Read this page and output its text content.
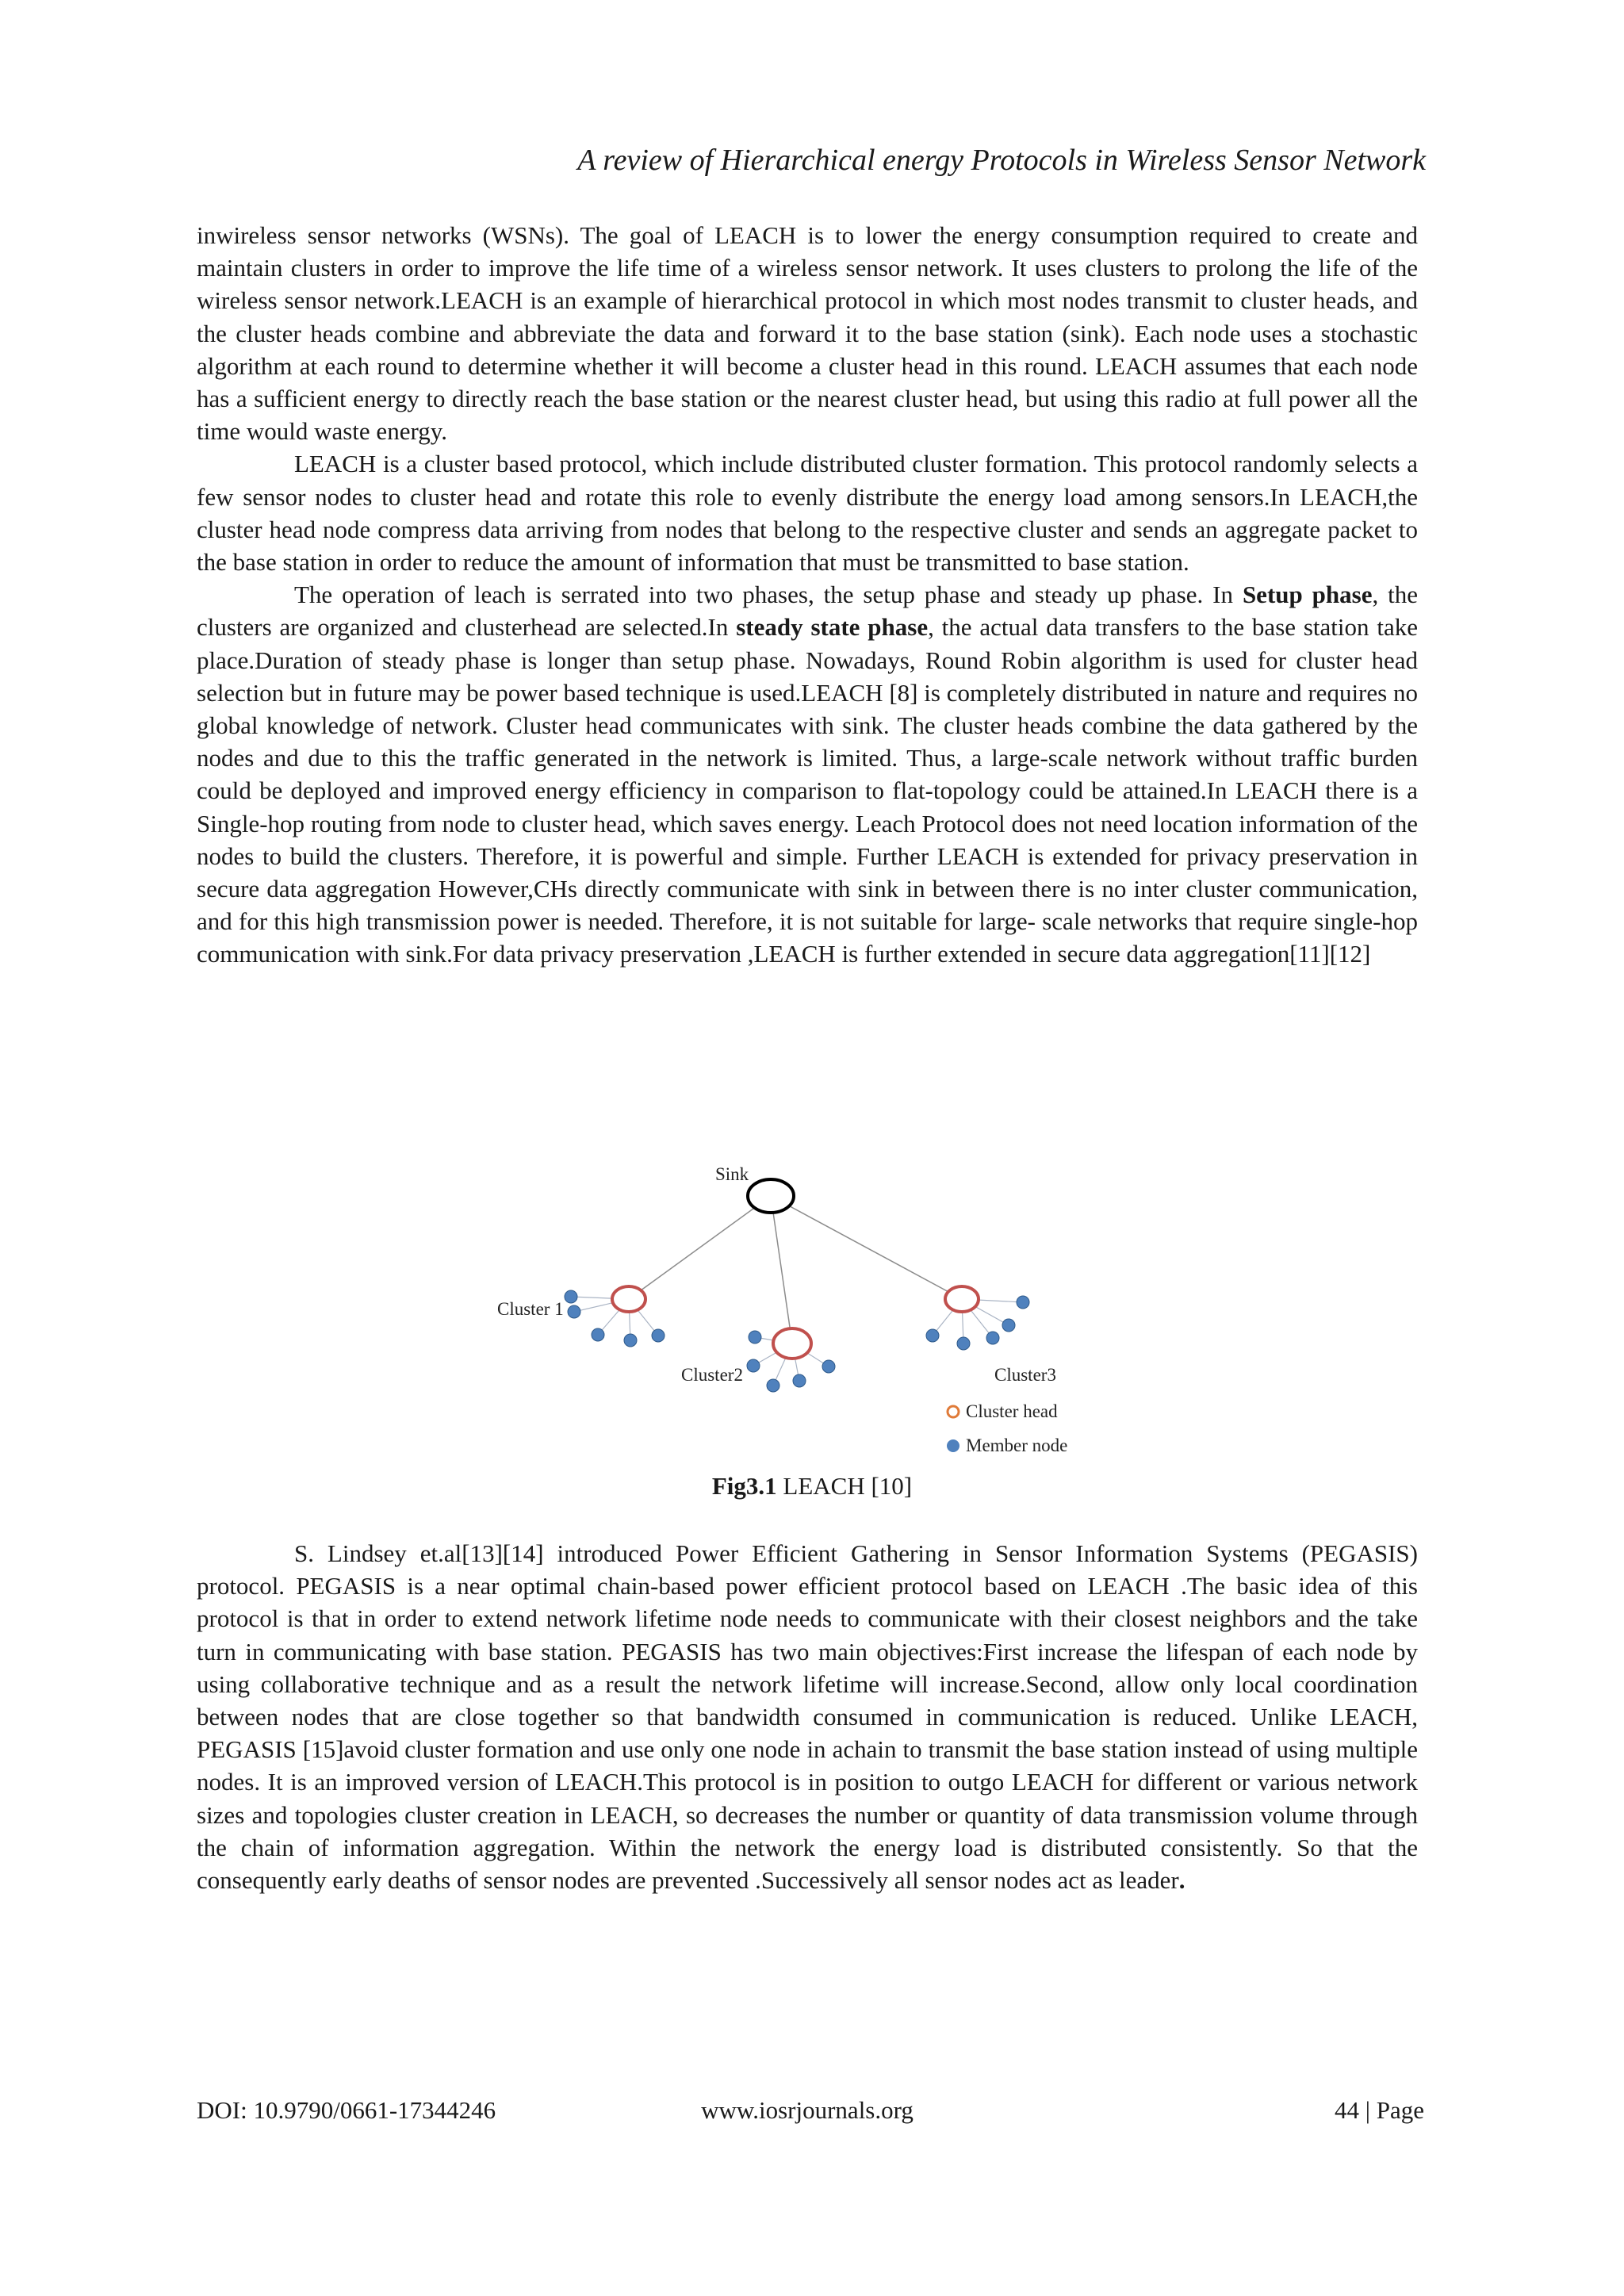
A review of Hierarchical energy Protocols in Wireless Sensor Network

inwireless sensor networks (WSNs). The goal of LEACH is to lower the energy consumption required to create and maintain clusters in order to improve the life time of a wireless sensor network. It uses clusters to prolong the life of the wireless sensor network.LEACH is an example of hierarchical protocol in which most nodes transmit to cluster heads, and the cluster heads combine and abbreviate the data and forward it to the base station (sink). Each node uses a stochastic algorithm at each round to determine whether it will become a cluster head in this round. LEACH assumes that each node has a sufficient energy to directly reach the base station or the nearest cluster head, but using this radio at full power all the time would waste energy.

LEACH is a cluster based protocol, which include distributed cluster formation. This protocol randomly selects a few sensor nodes to cluster head and rotate this role to evenly distribute the energy load among sensors.In LEACH,the cluster head node compress data arriving from nodes that belong to the respective cluster and sends an aggregate packet to the base station in order to reduce the amount of information that must be transmitted to base station.

The operation of leach is serrated into two phases, the setup phase and steady up phase. In Setup phase, the clusters are organized and clusterhead are selected.In steady state phase, the actual data transfers to the base station take place.Duration of steady phase is longer than setup phase. Nowadays, Round Robin algorithm is used for cluster head selection but in future may be power based technique is used.LEACH [8] is completely distributed in nature and requires no global knowledge of network. Cluster head communicates with sink. The cluster heads combine the data gathered by the nodes and due to this the traffic generated in the network is limited. Thus, a large-scale network without traffic burden could be deployed and improved energy efficiency in comparison to flat-topology could be attained.In LEACH there is a Single-hop routing from node to cluster head, which saves energy. Leach Protocol does not need location information of the nodes to build the clusters. Therefore, it is powerful and simple. Further LEACH is extended for privacy preservation in secure data aggregation However,CHs directly communicate with sink in between there is no inter cluster communication, and for this high transmission power is needed. Therefore, it is not suitable for large- scale networks that require single-hop communication with sink.For data privacy preservation ,LEACH is further extended in secure data aggregation[11][12]

Sink
Cluster 1
Cluster2	Cluster3
Cluster head
Member node
Fig3.1 LEACH [10]

S. Lindsey et.al[13][14] introduced Power Efficient Gathering in Sensor Information Systems (PEGASIS) protocol. PEGASIS is a near optimal chain-based power efficient protocol based on LEACH .The basic idea of this protocol is that in order to extend network lifetime node needs to communicate with their closest neighbors and the take turn in communicating with base station. PEGASIS has two main objectives:First increase the lifespan of each node by using collaborative technique and as a result the network lifetime will increase.Second, allow only local coordination between nodes that are close together so that bandwidth consumed in communication is reduced. Unlike LEACH, PEGASIS [15]avoid cluster formation and use only one node in achain to transmit the base station instead of using multiple nodes. It is an improved version of LEACH.This protocol is in position to outgo LEACH for different or various network sizes and topologies cluster creation in LEACH, so decreases the number or quantity of data transmission volume through the chain of information aggregation. Within the network the energy load is distributed consistently. So that the consequently early deaths of sensor nodes are prevented .Successively all sensor nodes act as leader.

DOI: 10.9790/0661-17344246	www.iosrjournals.org	44 | Page
